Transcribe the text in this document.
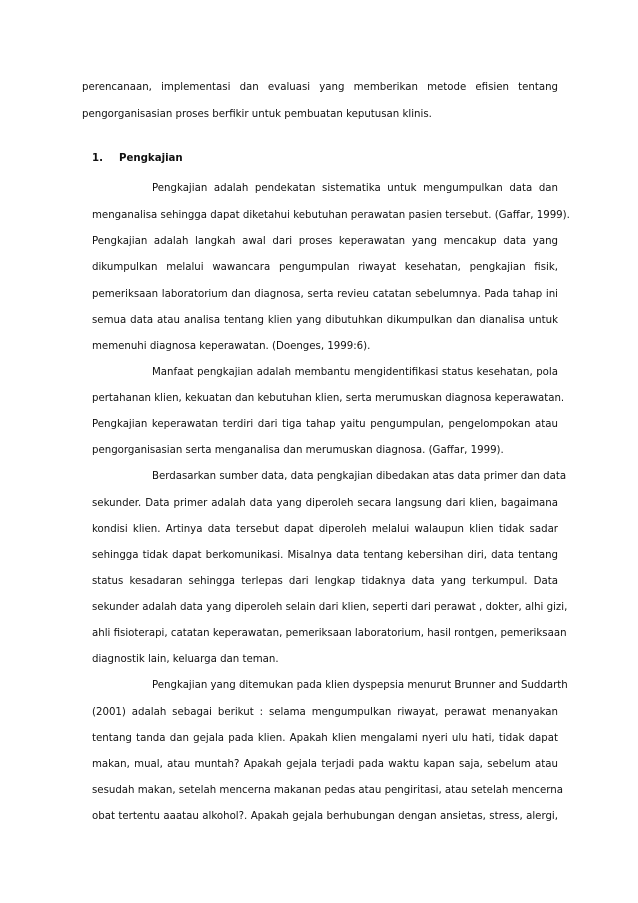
perencanaan, implementasi dan evaluasi yang memberikan metode efisien tentang
pengorganisasian proses berfikir untuk pembuatan keputusan klinis.
1. Pengkajian
Pengkajian adalah pendekatan sistematika untuk mengumpulkan data dan
menganalisa sehingga dapat diketahui kebutuhan perawatan pasien tersebut. (Gaffar, 1999).
Pengkajian adalah langkah awal dari proses keperawatan yang mencakup data yang
dikumpulkan melalui wawancara pengumpulan riwayat kesehatan, pengkajian fisik,
pemeriksaan laboratorium dan diagnosa, serta revieu catatan sebelumnya. Pada tahap ini
semua data atau analisa tentang klien yang dibutuhkan dikumpulkan dan dianalisa untuk
memenuhi diagnosa keperawatan. (Doenges, 1999:6).
Manfaat pengkajian adalah membantu mengidentifikasi status kesehatan, pola
pertahanan klien, kekuatan dan kebutuhan klien, serta merumuskan diagnosa keperawatan.
Pengkajian keperawatan terdiri dari tiga tahap yaitu pengumpulan, pengelompokan atau
pengorganisasian serta menganalisa dan merumuskan diagnosa. (Gaffar, 1999).
Berdasarkan sumber data, data pengkajian dibedakan atas data primer dan data
sekunder. Data primer adalah data yang diperoleh secara langsung dari klien, bagaimana
kondisi klien. Artinya data tersebut dapat diperoleh melalui walaupun klien tidak sadar
sehingga tidak dapat berkomunikasi. Misalnya data tentang kebersihan diri, data tentang
status kesadaran sehingga terlepas dari lengkap tidaknya data yang terkumpul. Data
sekunder adalah data yang diperoleh selain dari klien, seperti dari perawat , dokter, alhi gizi,
ahli fisioterapi, catatan keperawatan, pemeriksaan laboratorium, hasil rontgen, pemeriksaan
diagnostik lain, keluarga dan teman.
Pengkajian yang ditemukan pada klien dyspepsia menurut Brunner and Suddarth
(2001) adalah sebagai berikut : selama mengumpulkan riwayat, perawat menanyakan
tentang tanda dan gejala pada klien. Apakah klien mengalami nyeri ulu hati, tidak dapat
makan, mual, atau muntah? Apakah gejala terjadi pada waktu kapan saja, sebelum atau
sesudah makan, setelah mencerna makanan pedas atau pengiritasi, atau setelah mencerna
obat tertentu aaatau alkohol?. Apakah gejala berhubungan dengan ansietas, stress, alergi,
